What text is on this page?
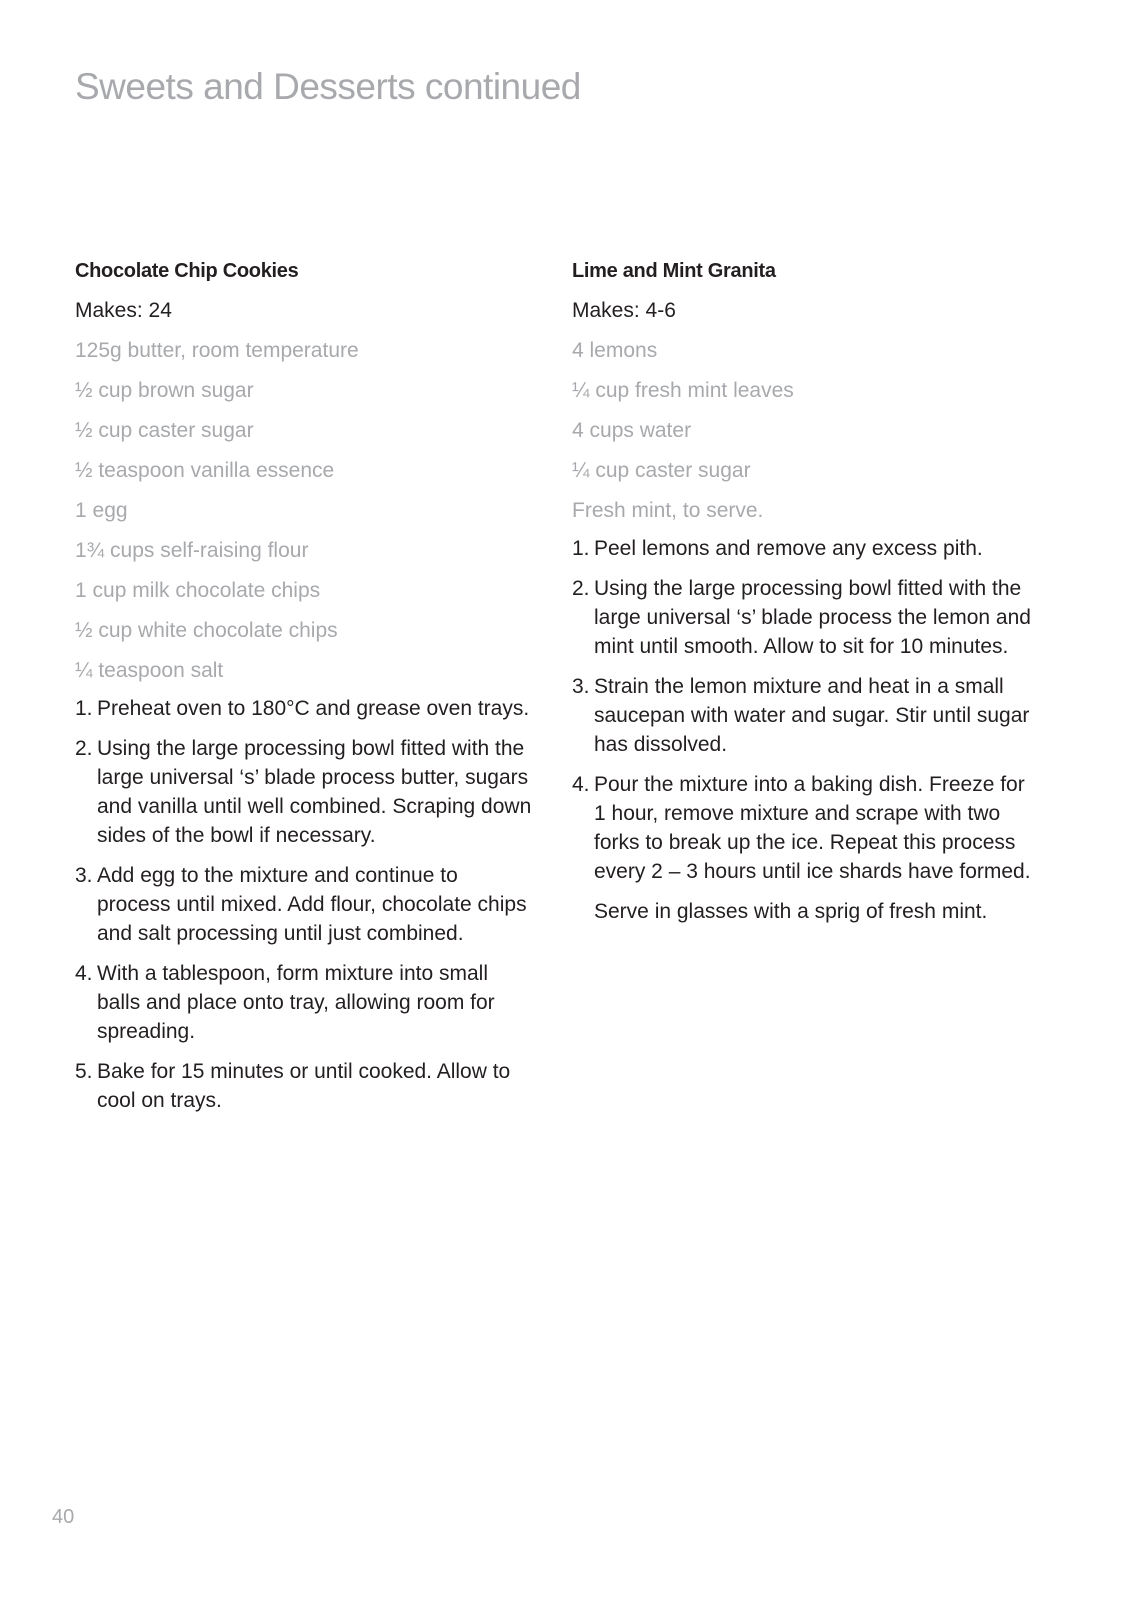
Sweets and Desserts continued
Chocolate Chip Cookies
Makes: 24
125g butter, room temperature
½ cup brown sugar
½ cup caster sugar
½ teaspoon vanilla essence
1 egg
1¾ cups self-raising flour
1 cup milk chocolate chips
½ cup white chocolate chips
¼ teaspoon salt
1. Preheat oven to 180°C and grease oven trays.
2. Using the large processing bowl fitted with the large universal ‘s’ blade process butter, sugars and vanilla until well combined. Scraping down sides of the bowl if necessary.
3. Add egg to the mixture and continue to process until mixed. Add flour, chocolate chips and salt processing until just combined.
4. With a tablespoon, form mixture into small balls and place onto tray, allowing room for spreading.
5. Bake for 15 minutes or until cooked. Allow to cool on trays.
Lime and Mint Granita
Makes: 4-6
4 lemons
¼ cup fresh mint leaves
4 cups water
¼ cup caster sugar
Fresh mint, to serve.
1. Peel lemons and remove any excess pith.
2. Using the large processing bowl fitted with the large universal ‘s’ blade process the lemon and mint until smooth. Allow to sit for 10 minutes.
3. Strain the lemon mixture and heat in a small saucepan with water and sugar. Stir until sugar has dissolved.
4. Pour the mixture into a baking dish. Freeze for 1 hour, remove mixture and scrape with two forks to break up the ice. Repeat this process every 2 – 3 hours until ice shards have formed.
Serve in glasses with a sprig of fresh mint.
40
